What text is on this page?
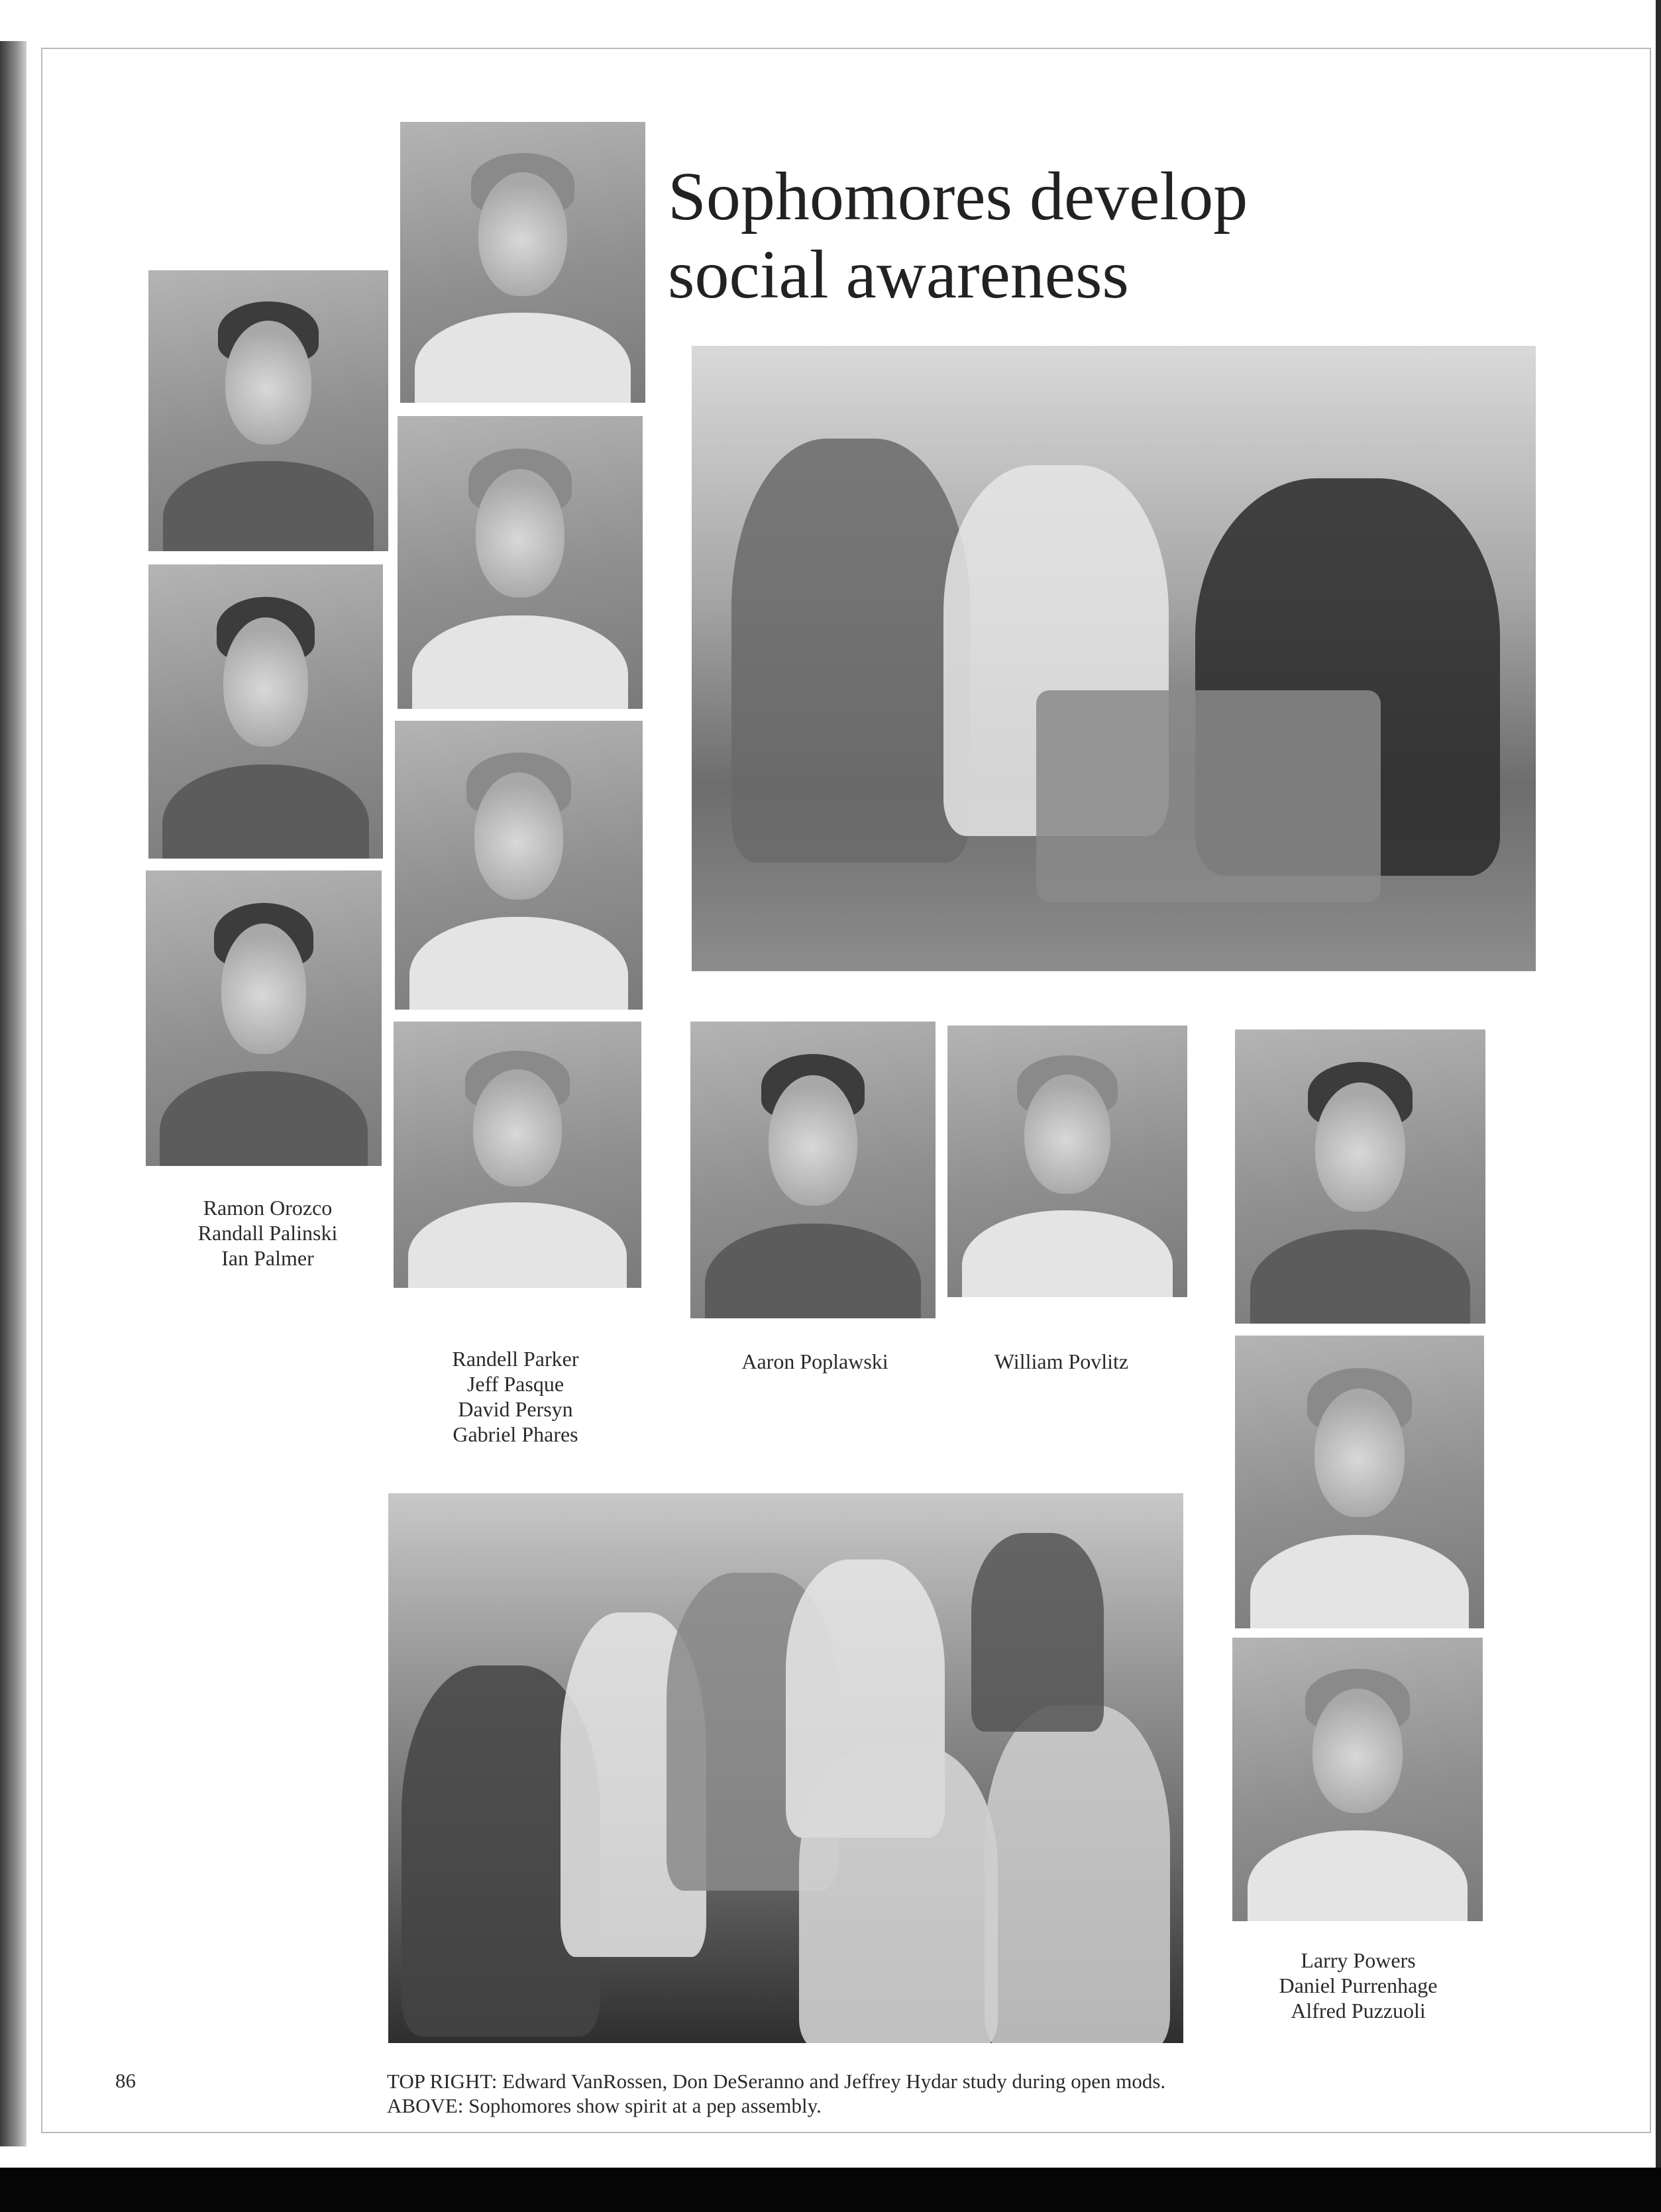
Sophomores develop
social awareness
Ramon Orozco
Randall Palinski
Ian Palmer
Randell Parker
Jeff Pasque
David Persyn
Gabriel Phares
Aaron Poplawski	William Povlitz
Larry Powers
Daniel Purrenhage
Alfred Puzzuoli
86	TOP RIGHT: Edward VanRossen, Don DeSeranno and Jeffrey Hydar study during open mods. ABOVE: Sophomores show spirit at a pep assembly.
